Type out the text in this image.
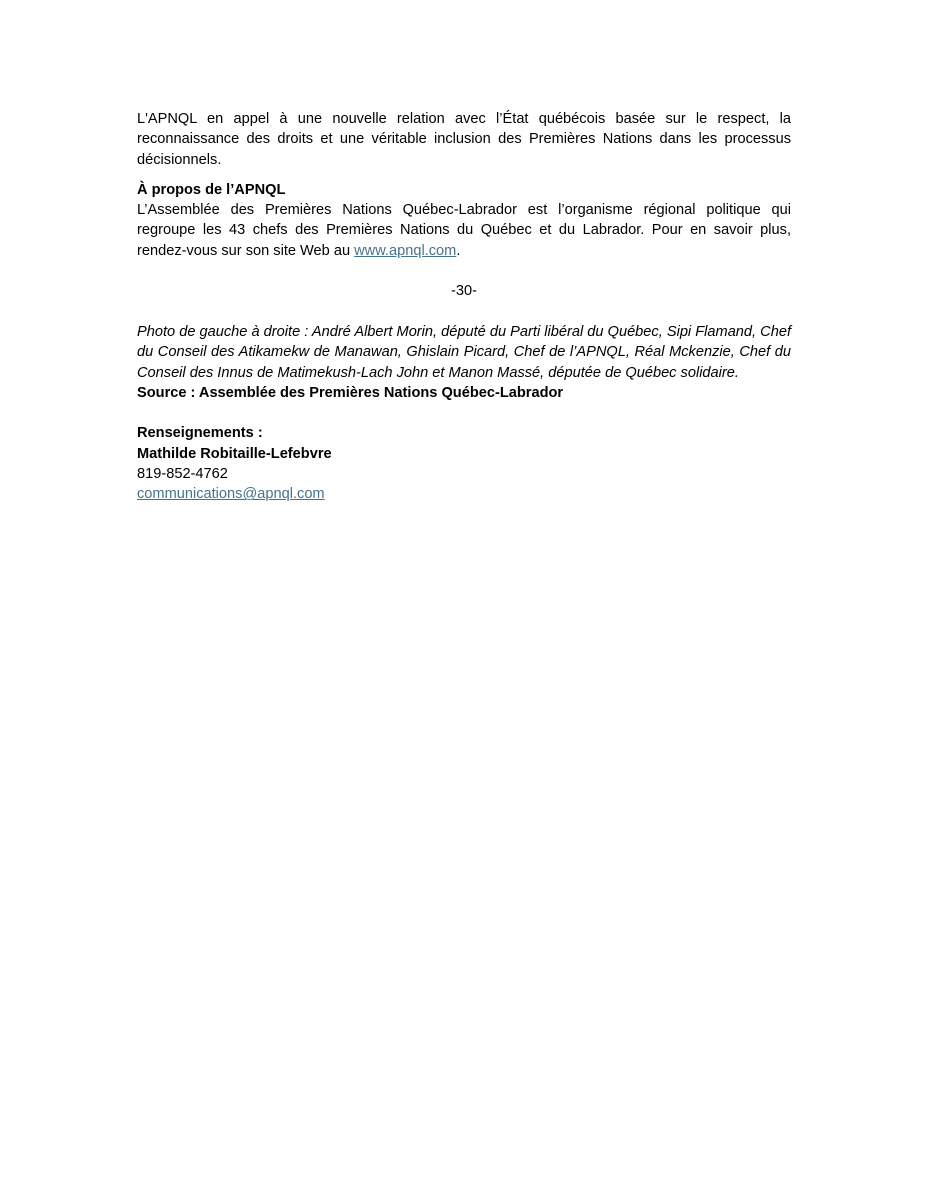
L'APNQL en appel à une nouvelle relation avec l’État québécois basée sur le respect, la reconnaissance des droits et une véritable inclusion des Premières Nations dans les processus décisionnels.

À propos de l’APNQL

L’Assemblée des Premières Nations Québec-Labrador est l’organisme régional politique qui regroupe les 43 chefs des Premières Nations du Québec et du Labrador. Pour en savoir plus, rendez-vous sur son site Web au www.apnql.com.

-30-

Photo de gauche à droite : André Albert Morin, député du Parti libéral du Québec, Sipi Flamand, Chef du Conseil des Atikamekw de Manawan, Ghislain Picard, Chef de l’APNQL, Réal Mckenzie, Chef du Conseil des Innus de Matimekush-Lach John et Manon Massé, députée de Québec solidaire.

Source : Assemblée des Premières Nations Québec-Labrador

Renseignements :

Mathilde Robitaille-Lefebvre

819-852-4762

communications@apnql.com
